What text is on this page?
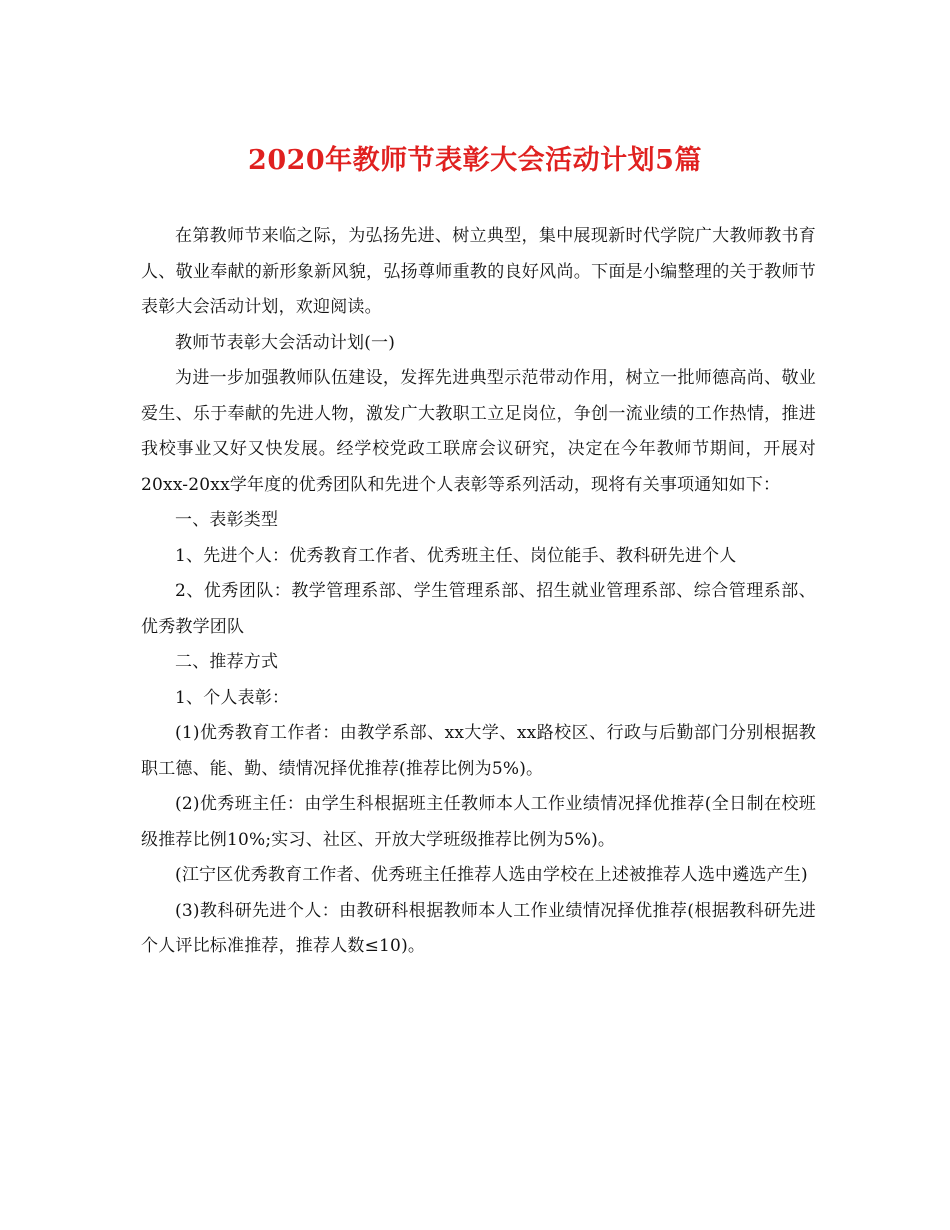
2020年教师节表彰大会活动计划5篇

在第教师节来临之际，为弘扬先进、树立典型，集中展现新时代学院广大教师教书育人、敬业奉献的新形象新风貌，弘扬尊师重教的良好风尚。下面是小编整理的关于教师节表彰大会活动计划，欢迎阅读。

教师节表彰大会活动计划(一)

为进一步加强教师队伍建设，发挥先进典型示范带动作用，树立一批师德高尚、敬业爱生、乐于奉献的先进人物，激发广大教职工立足岗位，争创一流业绩的工作热情，推进我校事业又好又快发展。经学校党政工联席会议研究，决定在今年教师节期间，开展对20xx-20xx学年度的优秀团队和先进个人表彰等系列活动，现将有关事项通知如下：

一、表彰类型

1、先进个人：优秀教育工作者、优秀班主任、岗位能手、教科研先进个人

2、优秀团队：教学管理系部、学生管理系部、招生就业管理系部、综合管理系部、优秀教学团队

二、推荐方式

1、个人表彰：

(1)优秀教育工作者：由教学系部、xx大学、xx路校区、行政与后勤部门分别根据教职工德、能、勤、绩情况择优推荐(推荐比例为5%)。

(2)优秀班主任：由学生科根据班主任教师本人工作业绩情况择优推荐(全日制在校班级推荐比例10%;实习、社区、开放大学班级推荐比例为5%)。

(江宁区优秀教育工作者、优秀班主任推荐人选由学校在上述被推荐人选中遴选产生)

(3)教科研先进个人：由教研科根据教师本人工作业绩情况择优推荐(根据教科研先进个人评比标准推荐，推荐人数≤10)。
